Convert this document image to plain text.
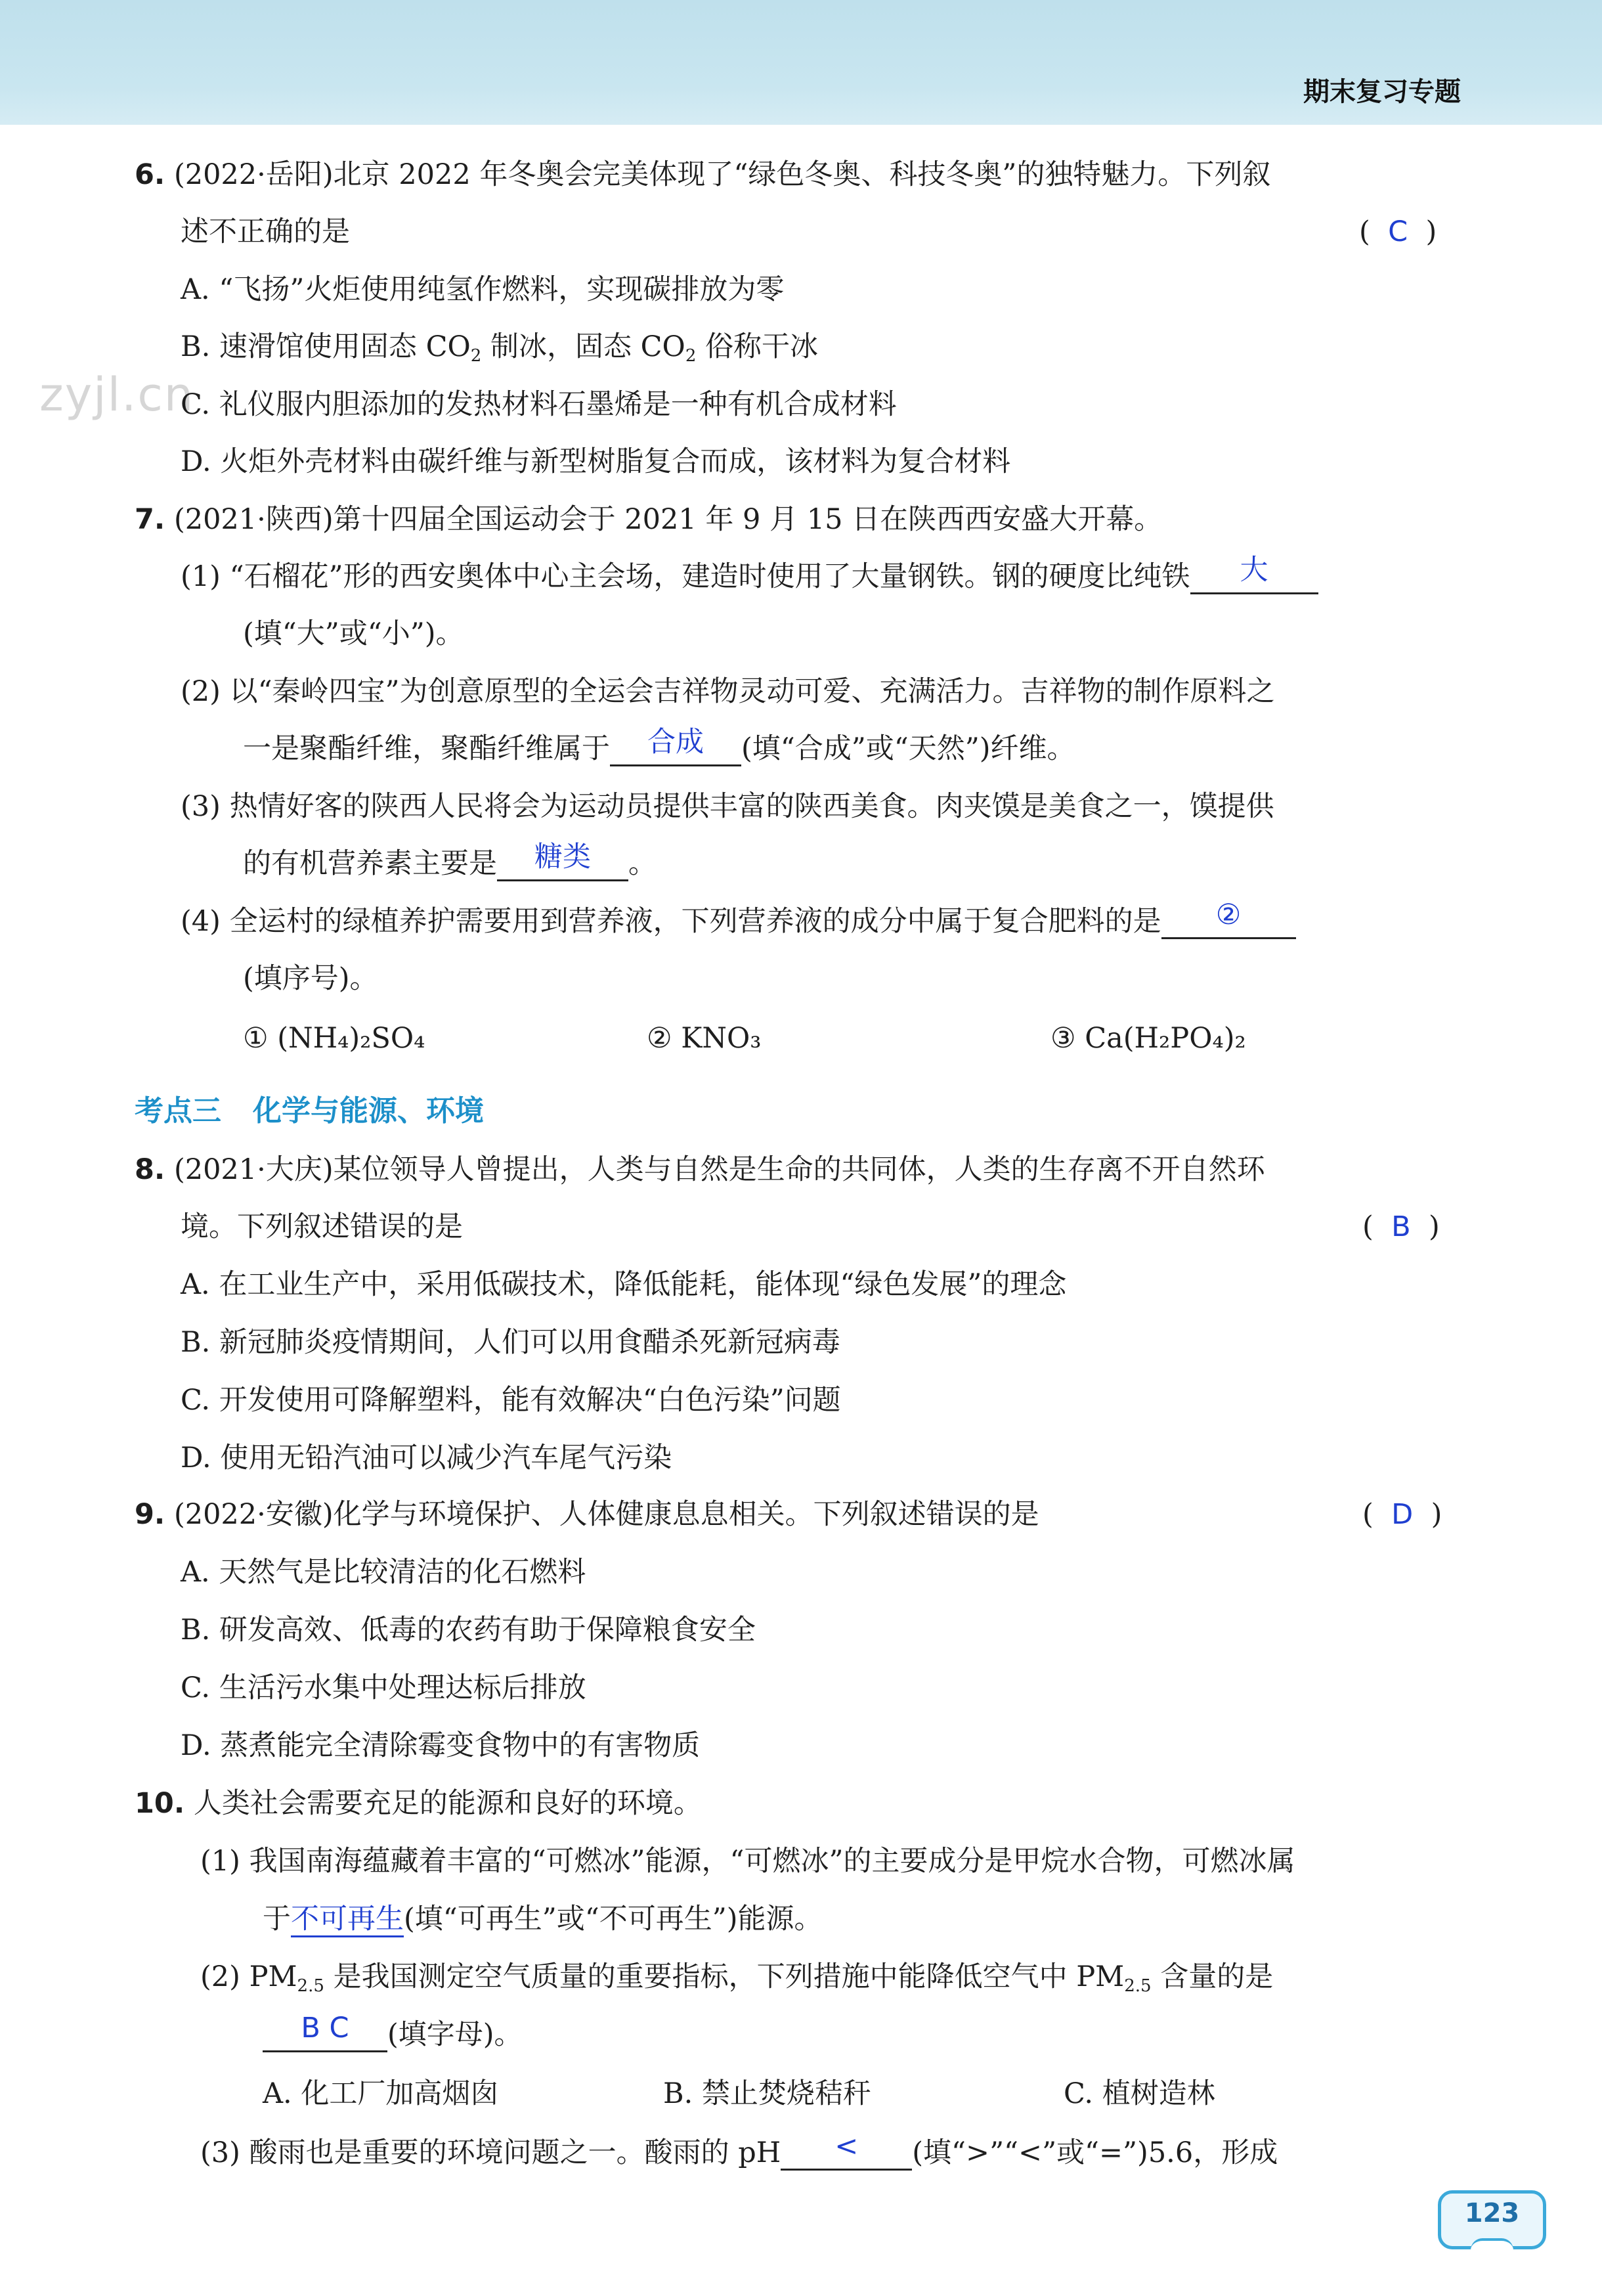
期末复习专题
zyjl.cn
6. (2022·岳阳)北京 2022 年冬奥会完美体现了“绿色冬奥、科技冬奥”的独特魅力。下列叙
述不正确的是	(  C  )
A. “飞扬”火炬使用纯氢作燃料，实现碳排放为零
B. 速滑馆使用固态 $CO_2$ 制冰，固态 $CO_2$ 俗称干冰
C. 礼仪服内胆添加的发热材料石墨烯是一种有机合成材料
D. 火炬外壳材料由碳纤维与新型树脂复合而成，该材料为复合材料
7. (2021·陕西)第十四届全国运动会于 2021 年 9 月 15 日在陕西西安盛大开幕。
(1) “石榴花”形的西安奥体中心主会场，建造时使用了大量钢铁。钢的硬度比纯铁 大
(填“大”或“小”)。
(2) 以“秦岭四宝”为创意原型的全运会吉祥物灵动可爱、充满活力。吉祥物的制作原料之
一是聚酯纤维，聚酯纤维属于 合成 (填“合成”或“天然”)纤维。
(3) 热情好客的陕西人民将会为运动员提供丰富的陕西美食。肉夹馍是美食之一，馍提供
的有机营养素主要是 糖类 。
(4) 全运村的绿植养护需要用到营养液，下列营养液的成分中属于复合肥料的是 ②
(填序号)。
① (NH₄)₂SO₄	② KNO₃	③ Ca(H₂PO₄)₂
考点三 化学与能源、环境
8. (2021·大庆)某位领导人曾提出，人类与自然是生命的共同体，人类的生存离不开自然环
境。下列叙述错误的是	(  B  )
A. 在工业生产中，采用低碳技术，降低能耗，能体现“绿色发展”的理念
B. 新冠肺炎疫情期间，人们可以用食醋杀死新冠病毒
C. 开发使用可降解塑料，能有效解决“白色污染”问题
D. 使用无铅汽油可以减少汽车尾气污染
9. (2022·安徽)化学与环境保护、人体健康息息相关。下列叙述错误的是	(  D  )
A. 天然气是比较清洁的化石燃料
B. 研发高效、低毒的农药有助于保障粮食安全
C. 生活污水集中处理达标后排放
D. 蒸煮能完全清除霉变食物中的有害物质
10. 人类社会需要充足的能源和良好的环境。
(1) 我国南海蕴藏着丰富的“可燃冰”能源，“可燃冰”的主要成分是甲烷水合物，可燃冰属
于不可再生(填“可再生”或“不可再生”)能源。
(2) $PM_{2.5}$ 是我国测定空气质量的重要指标，下列措施中能降低空气中 $PM_{2.5}$ 含量的是
B C (填字母)。
A. 化工厂加高烟囱	B. 禁止焚烧秸秆	C. 植树造林
(3) 酸雨也是重要的环境问题之一。酸雨的 pH < (填“>”“<”或“=”)5.6，形成
123
